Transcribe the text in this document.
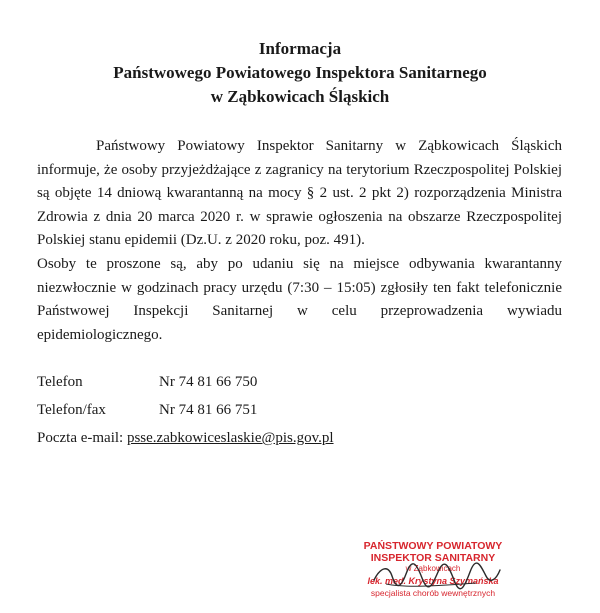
Informacja
Państwowego Powiatowego Inspektora Sanitarnego
w Ząbkowicach Śląskich

Państwowy Powiatowy Inspektor Sanitarny w Ząbkowicach Śląskich informuje, że osoby przyjeżdżające z zagranicy na terytorium Rzeczpospolitej Polskiej są objęte 14 dniową kwarantanną na mocy § 2 ust. 2 pkt 2) rozporządzenia Ministra Zdrowia z dnia 20 marca 2020 r. w sprawie ogłoszenia na obszarze Rzeczpospolitej Polskiej stanu epidemii (Dz.U. z 2020 roku, poz. 491).

Osoby te proszone są, aby po udaniu się na miejsce odbywania kwarantanny niezwłocznie w godzinach pracy urzędu (7:30 – 15:05) zgłosiły ten fakt telefonicznie Państwowej Inspekcji Sanitarnej w celu przeprowadzenia wywiadu epidemiologicznego.

Telefon	Nr 74 81 66 750
Telefon/fax	Nr 74 81 66 751
Poczta e-mail: psse.zabkowiceslaskie@pis.gov.pl
PAŃSTWOWY POWIATOWY
INSPEKTOR SANITARNY
w Ząbkowicach
lek. med. Krystyna Szymańska
specjalista chorób wewnętrznych
